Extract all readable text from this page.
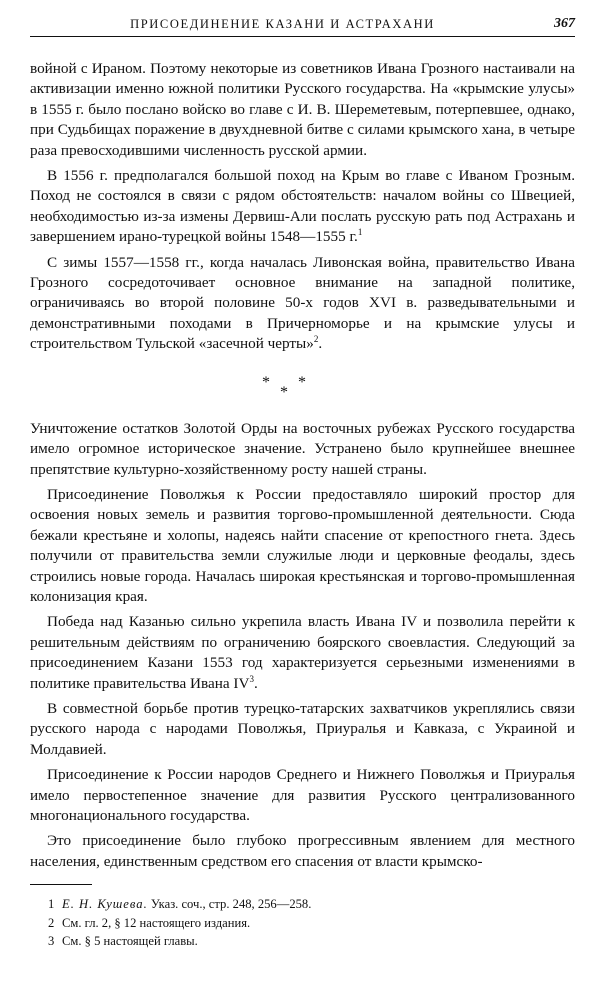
ПРИСОЕДИНЕНИЕ КАЗАНИ И АСТРАХАНИ	367

войной с Ираном. Поэтому некоторые из советников Ивана Грозного настаивали на активизации именно южной политики Русского государства. На «крымские улусы» в 1555 г. было послано войско во главе с И. В. Шереметевым, потерпевшее, однако, при Судьбищах поражение в двухдневной битве с силами крымского хана, в четыре раза превосходившими численность русской армии.

В 1556 г. предполагался большой поход на Крым во главе с Иваном Грозным. Поход не состоялся в связи с рядом обстоятельств: началом войны со Швецией, необходимостью из-за измены Дервиш-Али послать русскую рать под Астрахань и завершением ирано-турецкой войны 1548—1555 г.$^1$

С зимы 1557—1558 гг., когда началась Ливонская война, правительство Ивана Грозного сосредоточивает основное внимание на западной политике, ограничиваясь во второй половине 50-х годов XVI в. разведывательными и демонстративными походами в Причерноморье и на крымские улусы и строительством Тульской «засечной черты»$^2$.

* *
*

Уничтожение остатков Золотой Орды на восточных рубежах Русского государства имело огромное историческое значение. Устранено было крупнейшее внешнее препятствие культурно-хозяйственному росту нашей страны.

Присоединение Поволжья к России предоставляло широкий простор для освоения новых земель и развития торгово-промышленной деятельности. Сюда бежали крестьяне и холопы, надеясь найти спасение от крепостного гнета. Здесь получили от правительства земли служилые люди и церковные феодалы, здесь строились новые города. Началась широкая крестьянская и торгово-промышленная колонизация края.

Победа над Казанью сильно укрепила власть Ивана IV и позволила перейти к решительным действиям по ограничению боярского своевластия. Следующий за присоединением Казани 1553 год характеризуется серьезными изменениями в политике правительства Ивана $IV^3$.

В совместной борьбе против турецко-татарских захватчиков укреплялись связи русского народа с народами Поволжья, Приуралья и Кавказа, с Украиной и Молдавией.

Присоединение к России народов Среднего и Нижнего Поволжья и Приуралья имело первостепенное значение для развития Русского централизованного многонационального государства.

Это присоединение было глубоко прогрессивным явлением для местного населения, единственным средством его спасения от власти крымско-

1 Е. Н. Кушева. Указ. соч., стр. 248, 256—258.

2 См. гл. 2, § 12 настоящего издания.

3 См. § 5 настоящей главы.
